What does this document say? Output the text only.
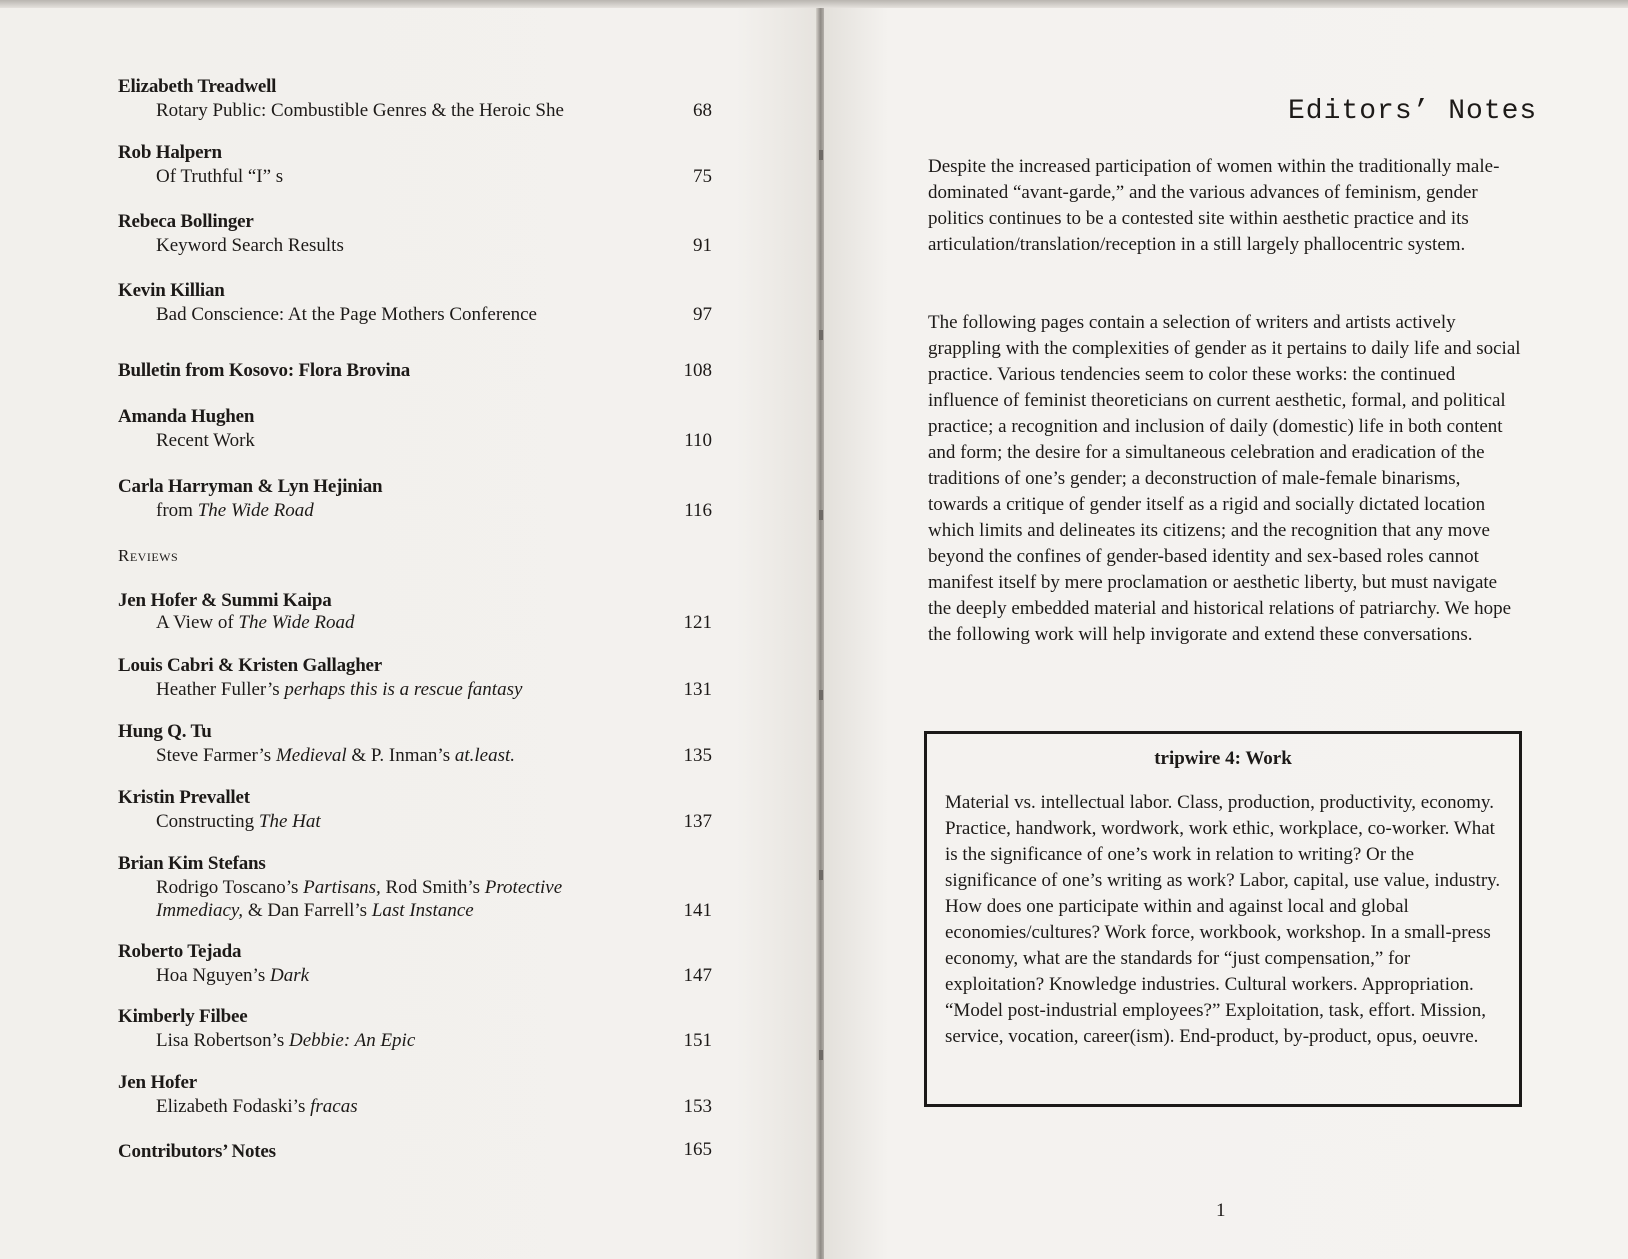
Elizabeth Treadwell
Rotary Public: Combustible Genres & the Heroic She	68
Rob Halpern
Of Truthful “I” s	75
Rebeca Bollinger
Keyword Search Results	91
Kevin Killian
Bad Conscience: At the Page Mothers Conference	97
Bulletin from Kosovo: Flora Brovina	108
Amanda Hughen
Recent Work	110
Carla Harryman & Lyn Hejinian
from The Wide Road	116
Reviews
Jen Hofer & Summi Kaipa
A View of The Wide Road	121
Louis Cabri & Kristen Gallagher
Heather Fuller’s perhaps this is a rescue fantasy	131
Hung Q. Tu
Steve Farmer’s Medieval & P. Inman’s at.least.	135
Kristin Prevallet
Constructing The Hat	137
Brian Kim Stefans
Rodrigo Toscano’s Partisans, Rod Smith’s Protective
Immediacy, & Dan Farrell’s Last Instance	141
Roberto Tejada
Hoa Nguyen’s Dark	147
Kimberly Filbee
Lisa Robertson’s Debbie: An Epic	151
Jen Hofer
Elizabeth Fodaski’s fracas	153
Contributors’ Notes	165
Editors’ Notes

Despite the increased participation of women within the traditionally male-dominated “avant-garde,” and the various advances of feminism, gender politics continues to be a contested site within aesthetic practice and its articulation/translation/reception in a still largely phallocentric system.

The following pages contain a selection of writers and artists actively grappling with the complexities of gender as it pertains to daily life and social practice. Various tendencies seem to color these works: the continued influence of feminist theoreticians on current aesthetic, formal, and political practice; a recognition and inclusion of daily (domestic) life in both content and form; the desire for a simultaneous celebration and eradication of the traditions of one’s gender; a deconstruction of male-female binarisms, towards a critique of gender itself as a rigid and socially dictated location which limits and delineates its citizens; and the recognition that any move beyond the confines of gender-based identity and sex-based roles cannot manifest itself by mere proclamation or aesthetic liberty, but must navigate the deeply embedded material and historical relations of patriarchy. We hope the following work will help invigorate and extend these conversations.

tripwire 4: Work

Material vs. intellectual labor. Class, production, productivity, economy. Practice, handwork, wordwork, work ethic, workplace, co-worker. What is the significance of one’s work in relation to writing? Or the significance of one’s writing as work? Labor, capital, use value, industry. How does one participate within and against local and global economies/cultures? Work force, workbook, workshop. In a small-press economy, what are the standards for “just compensation,” for exploitation? Knowledge industries. Cultural workers. Appropriation. “Model post-industrial employees?” Exploitation, task, effort. Mission, service, vocation, career(ism). End-product, by-product, opus, oeuvre.

1
